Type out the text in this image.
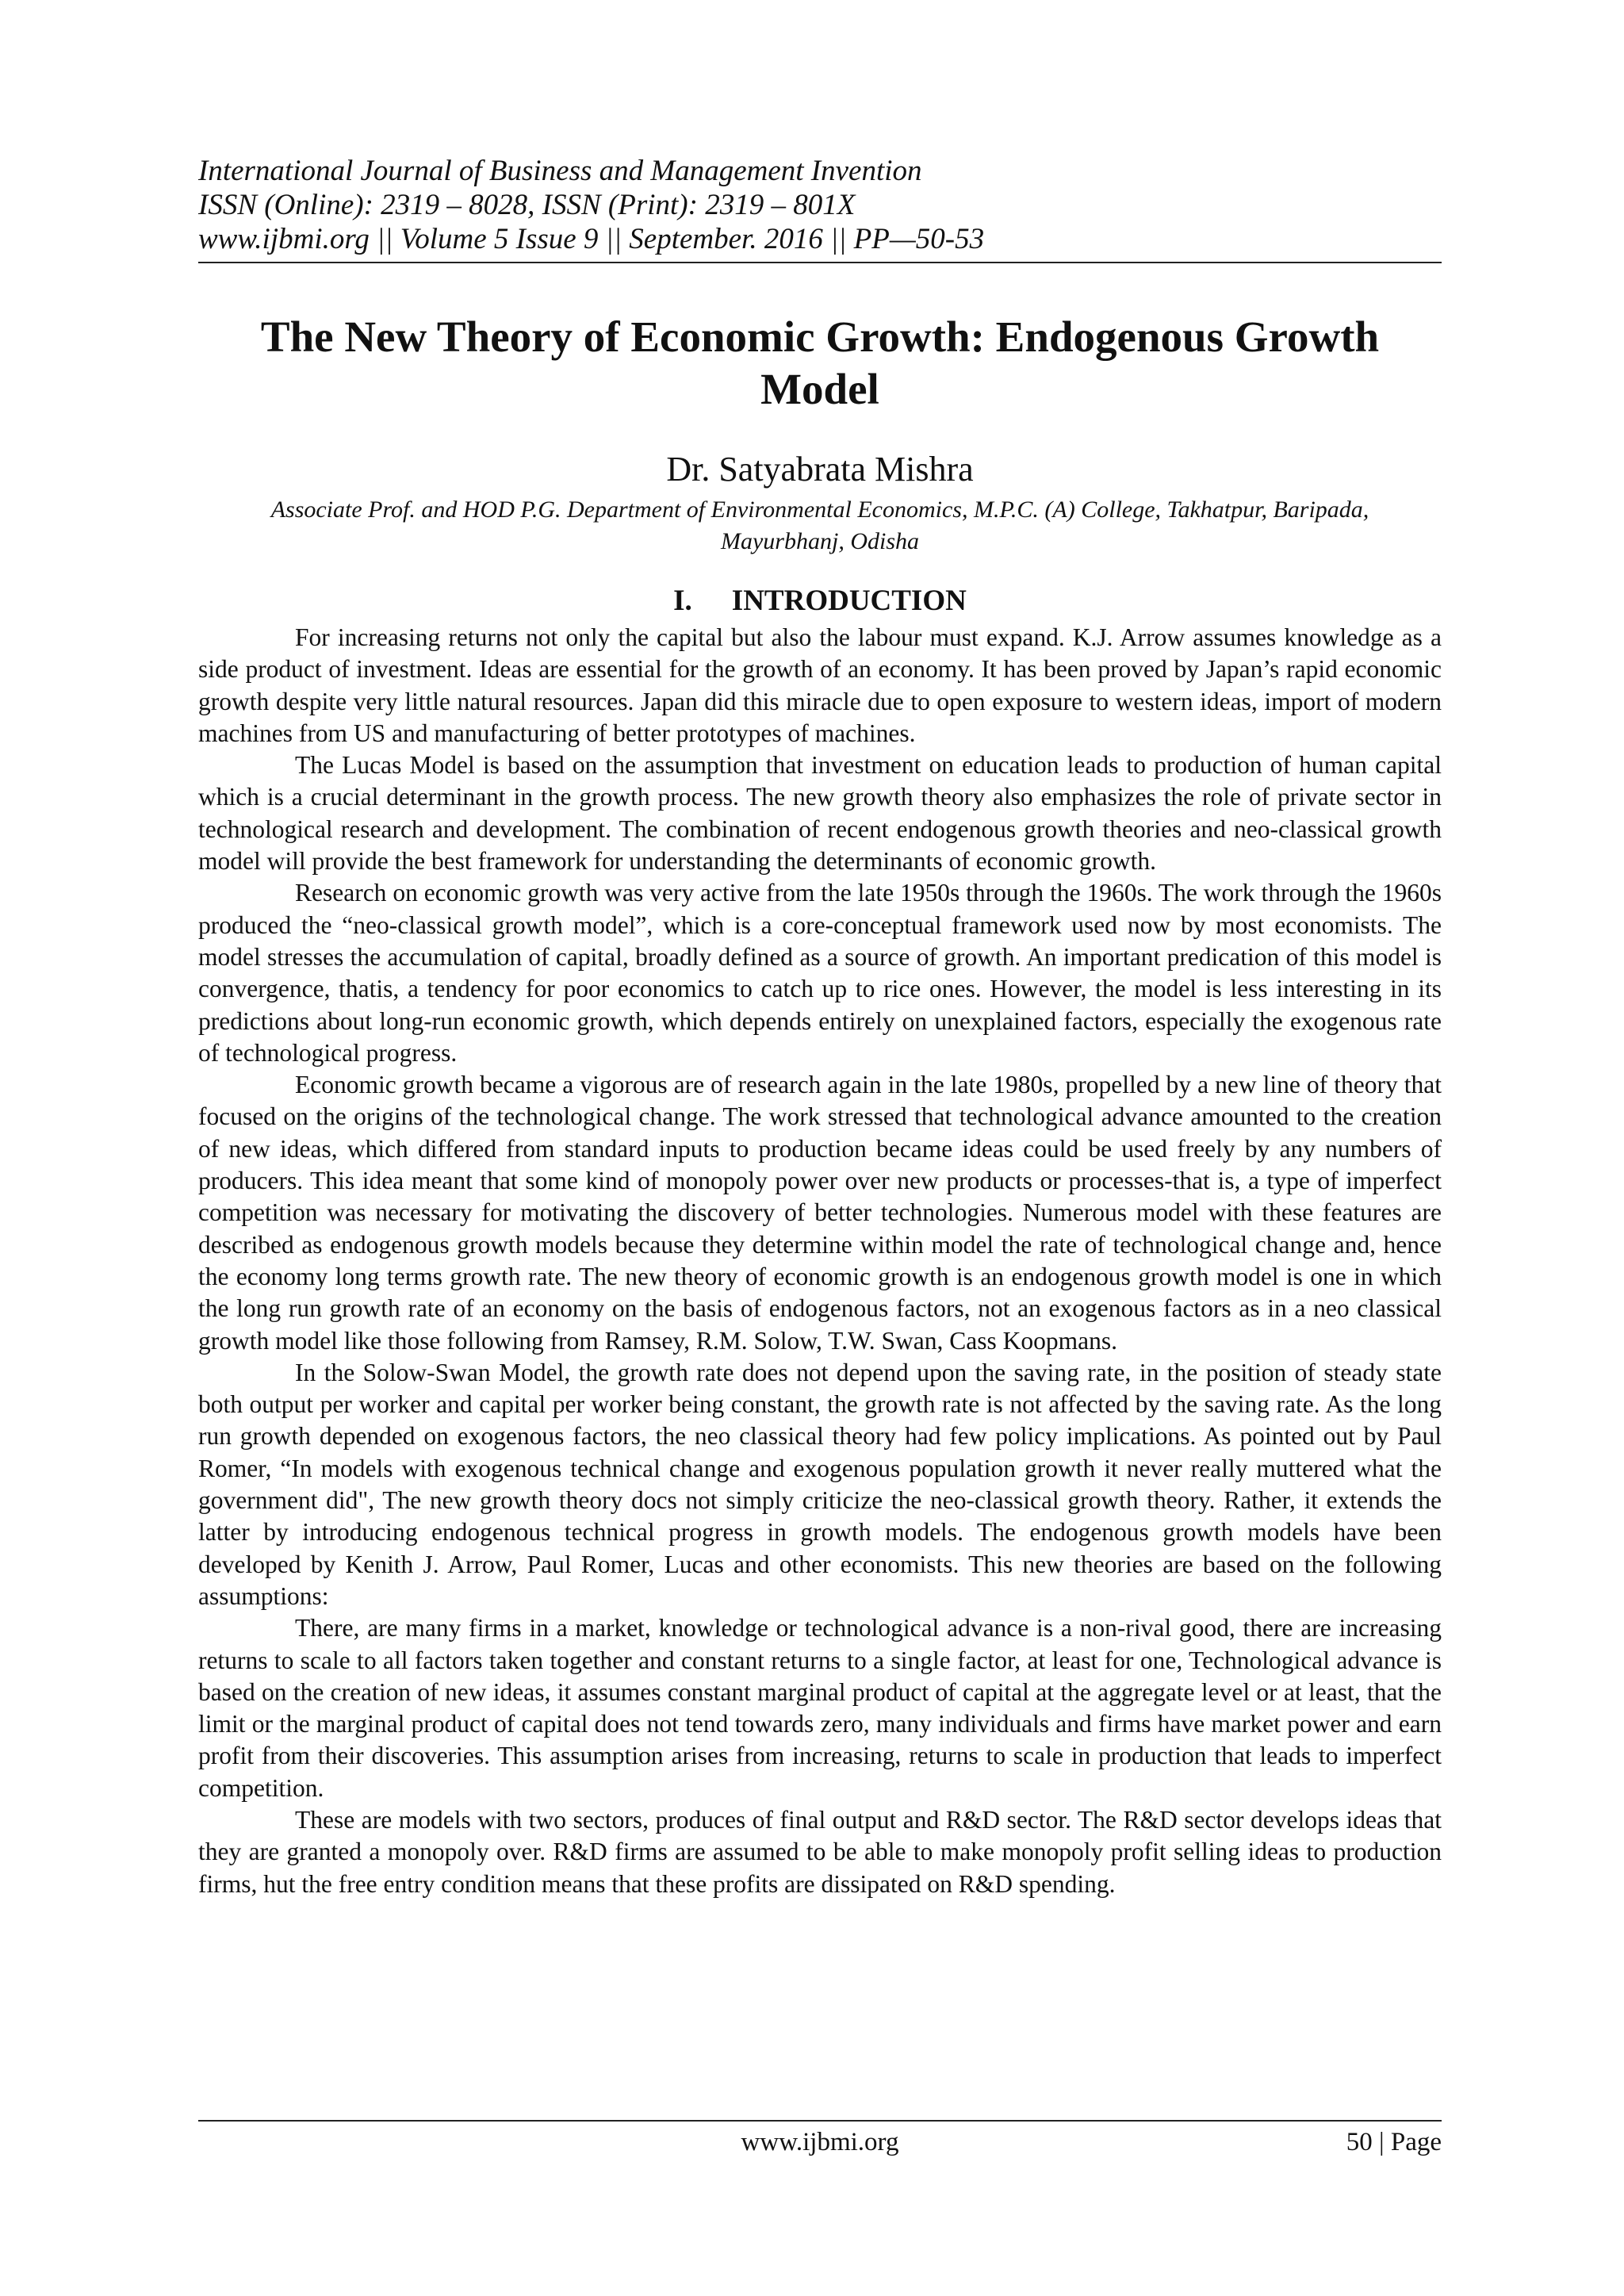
International Journal of Business and Management Invention
ISSN (Online): 2319 – 8028, ISSN (Print): 2319 – 801X
www.ijbmi.org || Volume 5 Issue 9 || September. 2016 || PP—50-53
The New Theory of Economic Growth: Endogenous Growth Model
Dr. Satyabrata Mishra
Associate Prof. and HOD P.G. Department of Environmental Economics, M.P.C. (A) College, Takhatpur, Baripada, Mayurbhanj, Odisha
I. INTRODUCTION

For increasing returns not only the capital but also the labour must expand. K.J. Arrow assumes knowledge as a side product of investment. Ideas are essential for the growth of an economy. It has been proved by Japan’s rapid economic growth despite very little natural resources. Japan did this miracle due to open exposure to western ideas, import of modern machines from US and manufacturing of better prototypes of machines.

The Lucas Model is based on the assumption that investment on education leads to production of human capital which is a crucial determinant in the growth process. The new growth theory also emphasizes the role of private sector in technological research and development. The combination of recent endogenous growth theories and neo-classical growth model will provide the best framework for understanding the determinants of economic growth.

Research on economic growth was very active from the late 1950s through the 1960s. The work through the 1960s produced the “neo-classical growth model”, which is a core-conceptual framework used now by most economists. The model stresses the accumulation of capital, broadly defined as a source of growth. An important predication of this model is convergence, thatis, a tendency for poor economics to catch up to rice ones. However, the model is less interesting in its predictions about long-run economic growth, which depends entirely on unexplained factors, especially the exogenous rate of technological progress.

Economic growth became a vigorous are of research again in the late 1980s, propelled by a new line of theory that focused on the origins of the technological change. The work stressed that technological advance amounted to the creation of new ideas, which differed from standard inputs to production became ideas could be used freely by any numbers of producers. This idea meant that some kind of monopoly power over new products or processes-that is, a type of imperfect competition was necessary for motivating the discovery of better technologies. Numerous model with these features are described as endogenous growth models because they determine within model the rate of technological change and, hence the economy long terms growth rate. The new theory of economic growth is an endogenous growth model is one in which the long run growth rate of an economy on the basis of endogenous factors, not an exogenous factors as in a neo classical growth model like those following from Ramsey, R.M. Solow, T.W. Swan, Cass Koopmans.

In the Solow-Swan Model, the growth rate does not depend upon the saving rate, in the position of steady state both output per worker and capital per worker being constant, the growth rate is not affected by the saving rate. As the long run growth depended on exogenous factors, the neo classical theory had few policy implications. As pointed out by Paul Romer, “In models with exogenous technical change and exogenous population growth it never really muttered what the government did", The new growth theory docs not simply criticize the neo-classical growth theory. Rather, it extends the latter by introducing endogenous technical progress in growth models. The endogenous growth models have been developed by Kenith J. Arrow, Paul Romer, Lucas and other economists. This new theories are based on the following assumptions:

There, are many firms in a market, knowledge or technological advance is a non-rival good, there are increasing returns to scale to all factors taken together and constant returns to a single factor, at least for one, Technological advance is based on the creation of new ideas, it assumes constant marginal product of capital at the aggregate level or at least, that the limit or the marginal product of capital does not tend towards zero, many individuals and firms have market power and earn profit from their discoveries. This assumption arises from increasing, returns to scale in production that leads to imperfect competition.

These are models with two sectors, produces of final output and R&D sector. The R&D sector develops ideas that they are granted a monopoly over. R&D firms are assumed to be able to make monopoly profit selling ideas to production firms, hut the free entry condition means that these profits are dissipated on R&D spending.

www.ijbmi.org	50 | Page
